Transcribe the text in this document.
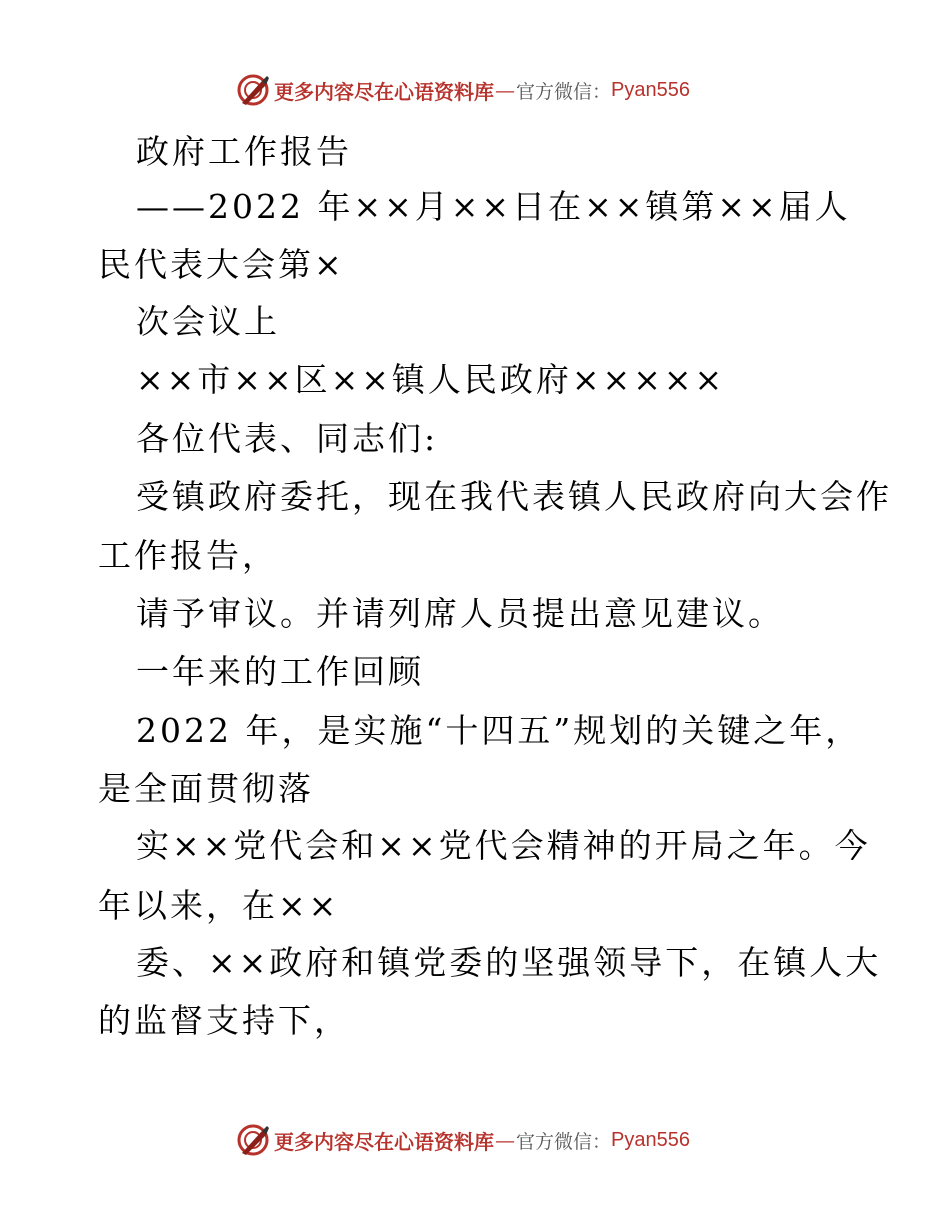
更多内容尽在心语资料库 — 官方微信： Pyan556
政府工作报告
——2022 年××月××日在××镇第××届人
民代表大会第×
次会议上
××市××区××镇人民政府×××××
各位代表、同志们:
受镇政府委托，现在我代表镇人民政府向大会作
工作报告，
请予审议。并请列席人员提出意见建议。
一年来的工作回顾
2022 年，是实施“十四五”规划的关键之年，
是全面贯彻落
实××党代会和××党代会精神的开局之年。今
年以来，在××
委、××政府和镇党委的坚强领导下，在镇人大
的监督支持下，
更多内容尽在心语资料库 — 官方微信： Pyan556
